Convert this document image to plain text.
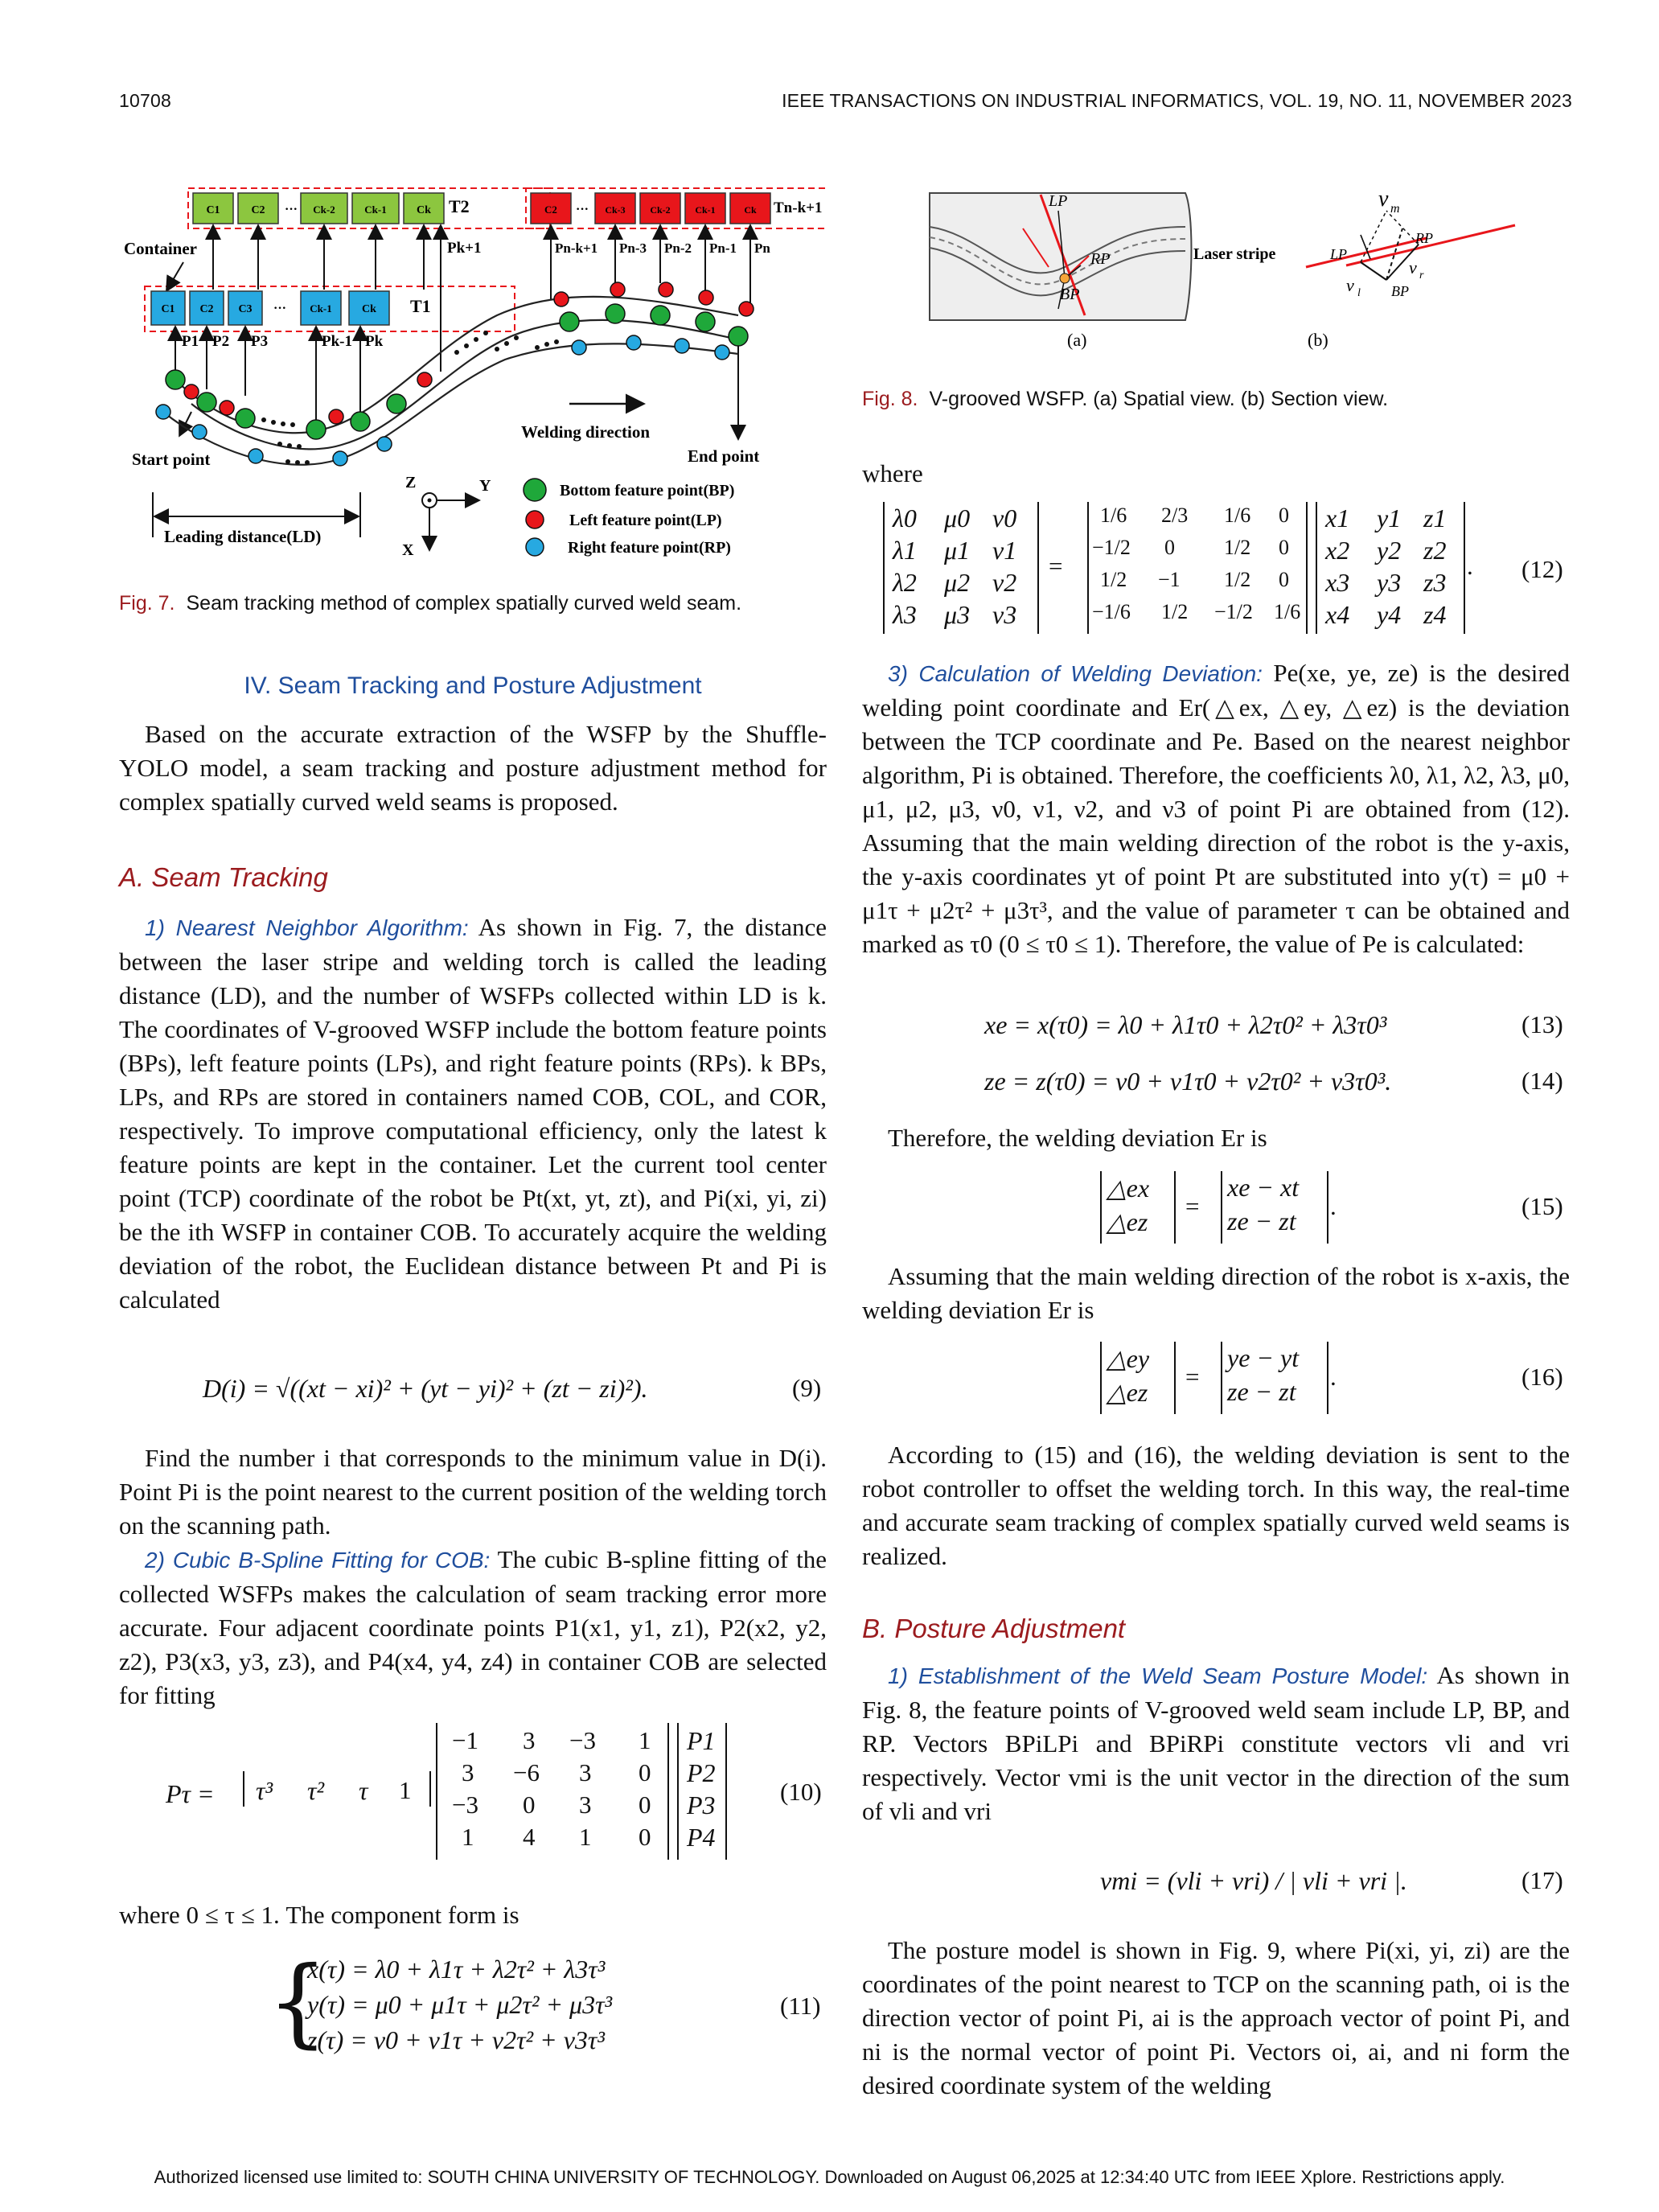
10708	IEEE TRANSACTIONS ON INDUSTRIAL INFORMATICS, VOL. 19, NO. 11, NOVEMBER 2023
C1	C2	Ck-2	Ck-1	Ck
···	T2	C2	Ck-3	Ck-2	Ck-1	Ck
···	Tn-k+1
Container
C1 C2 C3	Ck-1	Ck
···	T1
P1 P2 P3	Pk-1 Pk
Pk+1	Pn-k+1 Pn-3 Pn-2 Pn-1 Pn
Welding direction
Start point	End point
Leading distance(LD)
Z	Y
X
Bottom feature point(BP)
Left feature point(LP)
Right feature point(RP)
Fig. 7. Seam tracking method of complex spatially curved weld seam.
IV. Seam Tracking and Posture Adjustment

Based on the accurate extraction of the WSFP by the Shuffle-YOLO model, a seam tracking and posture adjustment method for complex spatially curved weld seams is proposed.

A. Seam Tracking

1) Nearest Neighbor Algorithm: As shown in Fig. 7, the distance between the laser stripe and welding torch is called the leading distance (LD), and the number of WSFPs collected within LD is k. The coordinates of V-grooved WSFP include the bottom feature points (BPs), left feature points (LPs), and right feature points (RPs). k BPs, LPs, and RPs are stored in containers named COB, COL, and COR, respectively. To improve computational efficiency, only the latest k feature points are kept in the container. Let the current tool center point (TCP) coordinate of the robot be Pt(xt, yt, zt), and Pi(xi, yi, zi) be the ith WSFP in container COB. To accurately acquire the welding deviation of the robot, the Euclidean distance between Pt and Pi is calculated

D(i) = √((xt − xi)² + (yt − yi)² + (zt − zi)²).	(9)

Find the number i that corresponds to the minimum value in D(i). Point Pi is the point nearest to the current position of the welding torch on the scanning path.

2) Cubic B-Spline Fitting for COB: The cubic B-spline fitting of the collected WSFPs makes the calculation of seam tracking error more accurate. Four adjacent coordinate points P1(x1, y1, z1), P2(x2, y2, z2), P3(x3, y3, z3), and P4(x4, y4, z4) in container COB are selected for fitting

Pτ = τ³ τ² τ 1
−1 3 −3 1
3 −6 3 0
−3 0 3 0
1 4 1 0
P1
P2
P3
P4
(10)

where 0 ≤ τ ≤ 1. The component form is

{
x(τ) = λ0 + λ1τ + λ2τ² + λ3τ³
y(τ) = μ0 + μ1τ + μ2τ² + μ3τ³
z(τ) = ν0 + ν1τ + ν2τ² + ν3τ³
(11)
LP
RP
BP
(a)
Laser stripe	LP
RP
BP
v m
v l
v r
(b)
Fig. 8. V-grooved WSFP. (a) Spatial view. (b) Section view.

where

λ0 μ0 ν0
λ1 μ1 ν1
λ2 μ2 ν2
λ3 μ3 ν3
=
1/6 2/3 1/6 0
−1/2 0 1/2 0
1/2 −1 1/2 0
−1/6 1/2 −1/2 1/6
x1 y1 z1
x2 y2 z2
x3 y3 z3
x4 y4 z4
. (12)

3) Calculation of Welding Deviation: Pe(xe, ye, ze) is the desired welding point coordinate and Er(△ex, △ey, △ez) is the deviation between the TCP coordinate and Pe. Based on the nearest neighbor algorithm, Pi is obtained. Therefore, the coefficients λ0, λ1, λ2, λ3, μ0, μ1, μ2, μ3, ν0, ν1, ν2, and ν3 of point Pi are obtained from (12). Assuming that the main welding direction of the robot is the y-axis, the y-axis coordinates yt of point Pt are substituted into y(τ) = μ0 + μ1τ + μ2τ² + μ3τ³, and the value of parameter τ can be obtained and marked as τ0 (0 ≤ τ0 ≤ 1). Therefore, the value of Pe is calculated:

xe = x(τ0) = λ0 + λ1τ0 + λ2τ0² + λ3τ0³	(13)
ze = z(τ0) = ν0 + ν1τ0 + ν2τ0² + ν3τ0³.	(14)

Therefore, the welding deviation Er is

△ex
△ez
=
xe − xt
ze − zt
.	(15)

Assuming that the main welding direction of the robot is x-axis, the welding deviation Er is

△ey
△ez
=
ye − yt
ze − zt
.	(16)

According to (15) and (16), the welding deviation is sent to the robot controller to offset the welding torch. In this way, the real-time and accurate seam tracking of complex spatially curved weld seams is realized.

B. Posture Adjustment

1) Establishment of the Weld Seam Posture Model: As shown in Fig. 8, the feature points of V-grooved weld seam include LP, BP, and RP. Vectors BPiLPi and BPiRPi constitute vectors vli and vri respectively. Vector vmi is the unit vector in the direction of the sum of vli and vri

vmi = (vli + vri) / | vli + vri |.	(17)

The posture model is shown in Fig. 9, where Pi(xi, yi, zi) are the coordinates of the point nearest to TCP on the scanning path, oi is the direction vector of point Pi, ai is the approach vector of point Pi, and ni is the normal vector of point Pi. Vectors oi, ai, and ni form the desired coordinate system of the welding

Authorized licensed use limited to: SOUTH CHINA UNIVERSITY OF TECHNOLOGY. Downloaded on August 06,2025 at 12:34:40 UTC from IEEE Xplore. Restrictions apply.
